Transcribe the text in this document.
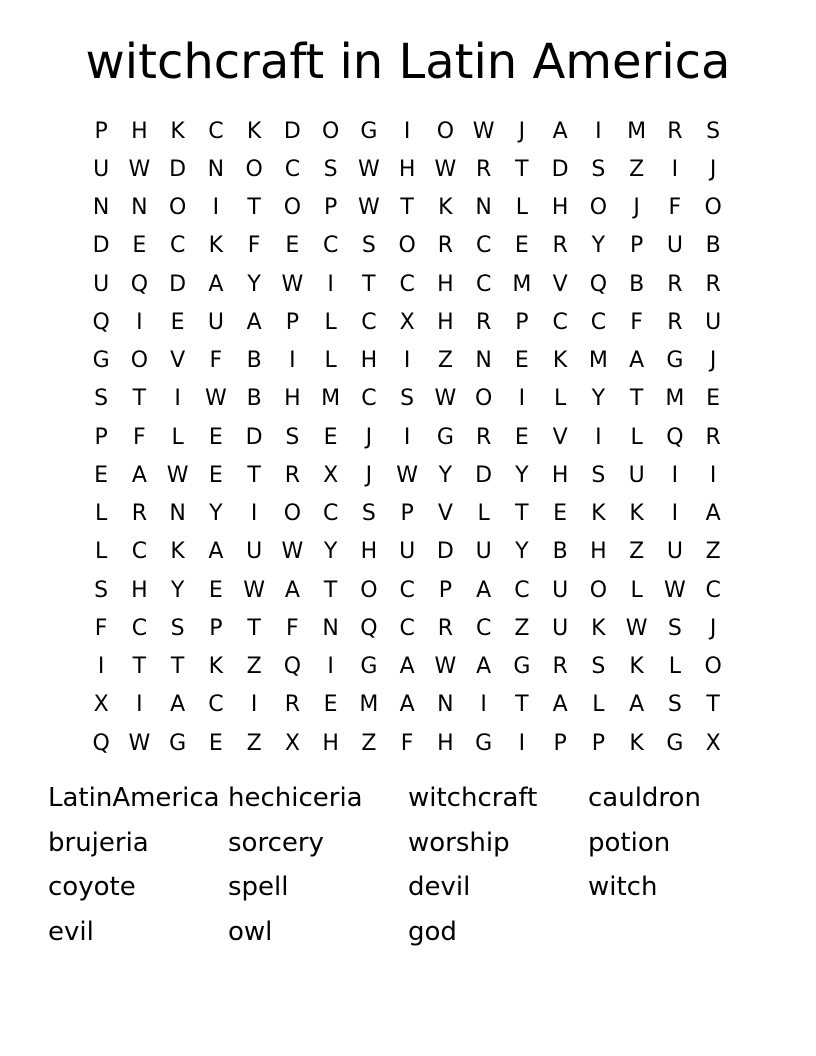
witchcraft in Latin America
P	H	K	C	K	D O G	I	O W	J	A	I	M R	S
U W D N O C	S W H W R	T	D	S	Z	I	J
N N O	I	T	O	P W T	K	N	L	H O	J	F	O
D	E	C	K	F	E	C	S	O R	C	E	R	Y	P	U	B
U Q D	A	Y W	I	T	C	H	C M V	Q	B	R	R
Q	I	E	U	A	P	L	C	X	H	R	P	C	C	F	R	U
G O	V	F	B	I	L	H	I	Z	N	E	K M A	G	J
S	T	I	W B	H M C	S W O	I	L	Y	T	M E
P	F	L	E	D	S	E	J	I	G	R	E	V	I	L	Q R
E	A W E	T	R	X	J	W Y	D	Y	H	S	U	I	I
L	R	N	Y	I	O C	S	P	V	L	T	E	K	K	I	A
L	C	K	A	U W Y	H U D U	Y	B	H	Z	U	Z
S	H	Y	E W A	T	O C	P	A	C	U O	L W C
F	C	S	P	T	F	N Q C	R	C	Z	U	K W S	J
I	T	T	K	Z	Q	I	G	A W A	G	R	S	K	L	O
X	I	A	C	I	R	E M A	N	I	T	A	L	A	S	T
Q W G	E	Z	X	H	Z	F	H G	I	P	P	K	G	X
LatinAmerica hechiceria	witchcraft	cauldron
brujeria	sorcery	worship	potion
coyote	spell	devil	witch
evil	owl	god
